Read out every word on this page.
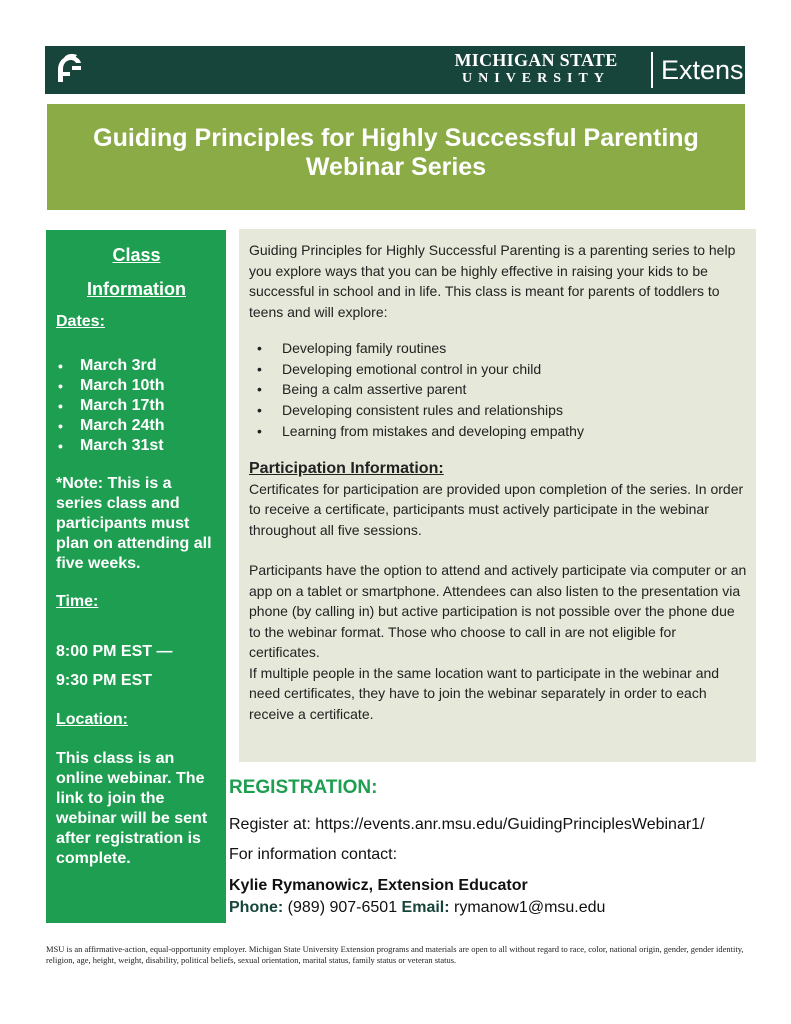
MICHIGAN STATE
UNIVERSITY	Extension
Guiding Principles for Highly Successful Parenting
Webinar Series
Class
Information
Dates:
• March 3rd
• March 10th
• March 17th
• March 24th
• March 31st
*Note: This is a series class and participants must plan on attending all five weeks.
Time:
8:00 PM EST —
9:30 PM EST
Location:
This class is an online webinar. The link to join the webinar will be sent after registration is complete.

Guiding Principles for Highly Successful Parenting is a parenting series to help you explore ways that you can be highly effective in raising your kids to be successful in school and in life. This class is meant for parents of toddlers to teens and will explore:

• Developing family routines
• Developing emotional control in your child
• Being a calm assertive parent
• Developing consistent rules and relationships
• Learning from mistakes and developing empathy
Participation Information:

Certificates for participation are provided upon completion of the series. In order to receive a certificate, participants must actively participate in the webinar throughout all five sessions.

Participants have the option to attend and actively participate via computer or an app on a tablet or smartphone. Attendees can also listen to the presentation via phone (by calling in) but active participation is not possible over the phone due to the webinar format. Those who choose to call in are not eligible for certificates.

If multiple people in the same location want to participate in the webinar and need certificates, they have to join the webinar separately in order to each receive a certificate.

REGISTRATION:
Register at: https://events.anr.msu.edu/GuidingPrinciplesWebinar1/
For information contact:
Kylie Rymanowicz, Extension Educator
Phone: (989) 907-6501 Email: rymanow1@msu.edu
MSU is an affirmative-action, equal-opportunity employer. Michigan State University Extension programs and materials are open to all without regard to race, color, national origin, gender, gender identity, religion, age, height, weight, disability, political beliefs, sexual orientation, marital status, family status or veteran status.
